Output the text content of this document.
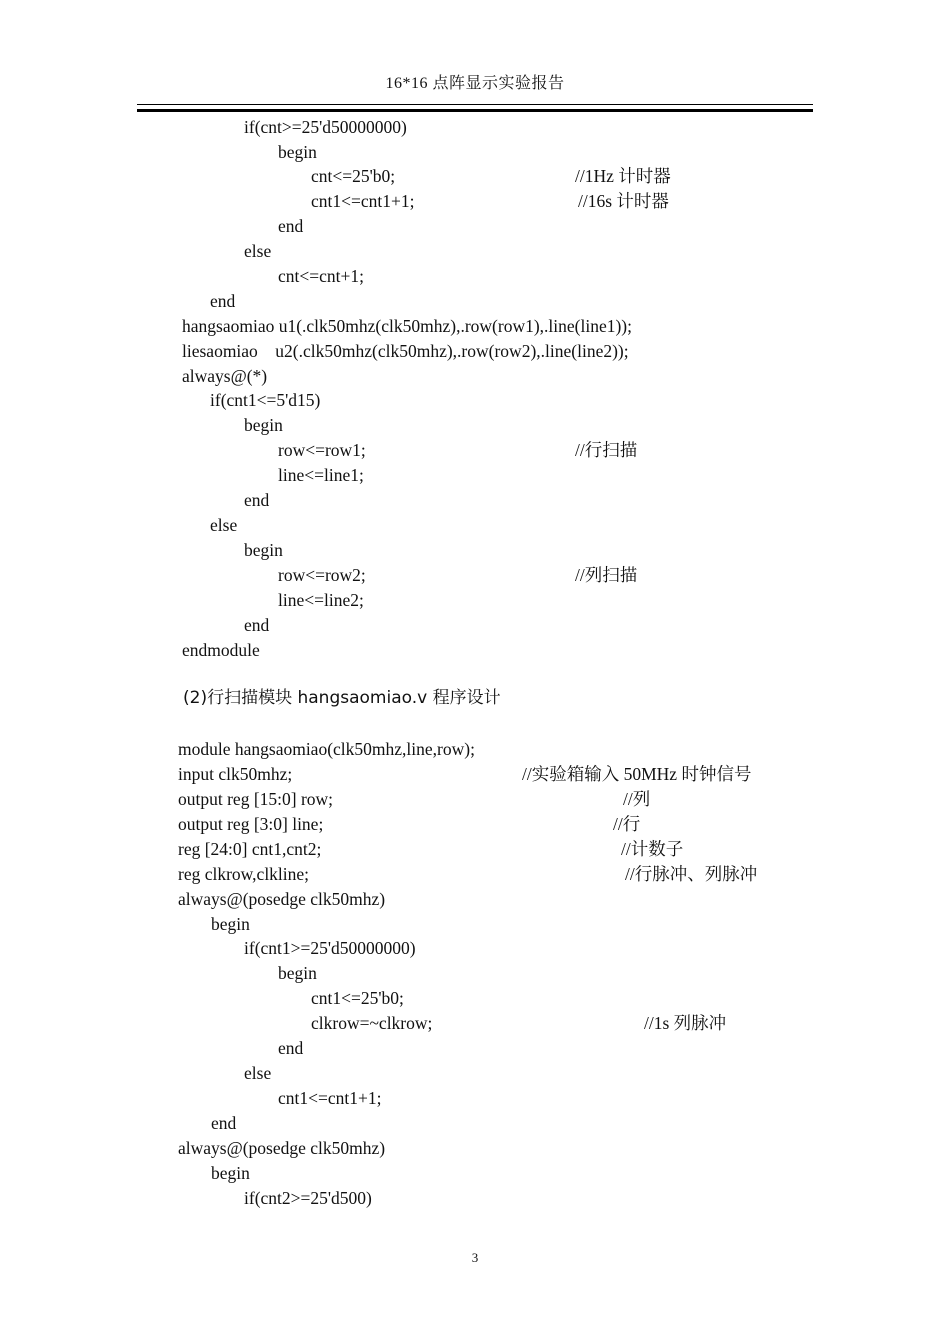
16*16 点阵显示实验报告
if(cnt>=25'd50000000)
begin
cnt<=25'b0;
cnt1<=cnt1+1;
end
else
cnt<=cnt+1;
end
hangsaomiao u1(.clk50mhz(clk50mhz),.row(row1),.line(line1));
liesaomiao    u2(.clk50mhz(clk50mhz),.row(row2),.line(line2));
always@(*)
if(cnt1<=5'd15)
begin
row<=row1;
line<=line1;
end
else
begin
row<=row2;
line<=line2;
end
endmodule
//1Hz 计时器
//16s 计时器
//行扫描
//列扫描
(2)行扫描模块 hangsaomiao.v 程序设计
module hangsaomiao(clk50mhz,line,row);
input clk50mhz;
output reg [15:0] row;
output reg [3:0] line;
reg [24:0] cnt1,cnt2;
reg clkrow,clkline;
always@(posedge clk50mhz)
begin
if(cnt1>=25'd50000000)
begin
cnt1<=25'b0;
clkrow=~clkrow;
end
else
cnt1<=cnt1+1;
end
always@(posedge clk50mhz)
begin
if(cnt2>=25'd500)
//实验箱输入 50MHz 时钟信号
//列
//行
//计数子
//行脉冲、列脉冲
//1s 列脉冲
3
